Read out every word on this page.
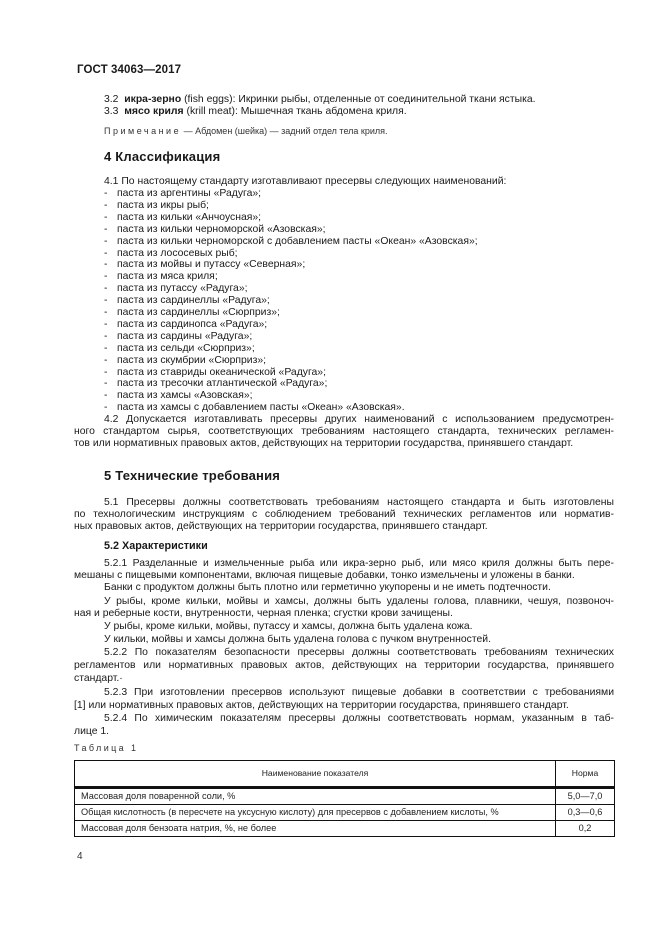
ГОСТ 34063—2017
3.2 икра-зерно (fish eggs): Икринки рыбы, отделенные от соединительной ткани ястыка.
3.3 мясо криля (krill meat): Мышечная ткань абдомена криля.
Примечание — Абдомен (шейка) — задний отдел тела криля.
4 Классификация
4.1 По настоящему стандарту изготавливают пресервы следующих наименований:
- паста из аргентины «Радуга»;
- паста из икры рыб;
- паста из кильки «Анчоусная»;
- паста из кильки черноморской «Азовская»;
- паста из кильки черноморской с добавлением пасты «Океан» «Азовская»;
- паста из лососевых рыб;
- паста из мойвы и путассу «Северная»;
- паста из мяса криля;
- паста из путассу «Радуга»;
- паста из сардинеллы «Радуга»;
- паста из сардинеллы «Сюрприз»;
- паста из сардинопса «Радуга»;
- паста из сардины «Радуга»;
- паста из сельди «Сюрприз»;
- паста из скумбрии «Сюрприз»;
- паста из ставриды океанической «Радуга»;
- паста из тресочки атлантической «Радуга»;
- паста из хамсы «Азовская»;
- паста из хамсы с добавлением пасты «Океан» «Азовская».
4.2 Допускается изготавливать пресервы других наименований с использованием предусмотрен-
ного стандартом сырья, соответствующих требованиям настоящего стандарта, технических регламен-
тов или нормативных правовых актов, действующих на территории государства, принявшего стандарт.
5 Технические требования
5.1 Пресервы должны соответствовать требованиям настоящего стандарта и быть изготовлены
по технологическим инструкциям с соблюдением требований технических регламентов или норматив-
ных правовых актов, действующих на территории государства, принявшего стандарт.
5.2 Характеристики
5.2.1 Разделанные и измельченные рыба или икра-зерно рыб, или мясо криля должны быть пере-
мешаны с пищевыми компонентами, включая пищевые добавки, тонко измельчены и уложены в банки.
Банки с продуктом должны быть плотно или герметично укупорены и не иметь подтечности.
У рыбы, кроме кильки, мойвы и хамсы, должны быть удалены голова, плавники, чешуя, позвоноч-
ная и реберные кости, внутренности, черная пленка; сгустки крови зачищены.
У рыбы, кроме кильки, мойвы, путассу и хамсы, должна быть удалена кожа.
У кильки, мойвы и хамсы должна быть удалена голова с пучком внутренностей.
5.2.2 По показателям безопасности пресервы должны соответствовать требованиям технических
регламентов или нормативных правовых актов, действующих на территории государства, принявшего
стандарт.·
5.2.3 При изготовлении пресервов используют пищевые добавки в соответствии с требованиями
[1] или нормативных правовых актов, действующих на территории государства, принявшего стандарт.
5.2.4 По химическим показателям пресервы должны соответствовать нормам, указанным в таб-
лице 1.
Таблица 1
Наименование показателя	Норма
Массовая доля поваренной соли, %	5,0—7,0
Общая кислотность (в пересчете на уксусную кислоту) для пресервов с добавлением кислоты, %	0,3—0,6
Массовая доля бензоата натрия, %, не более	0,2
4
